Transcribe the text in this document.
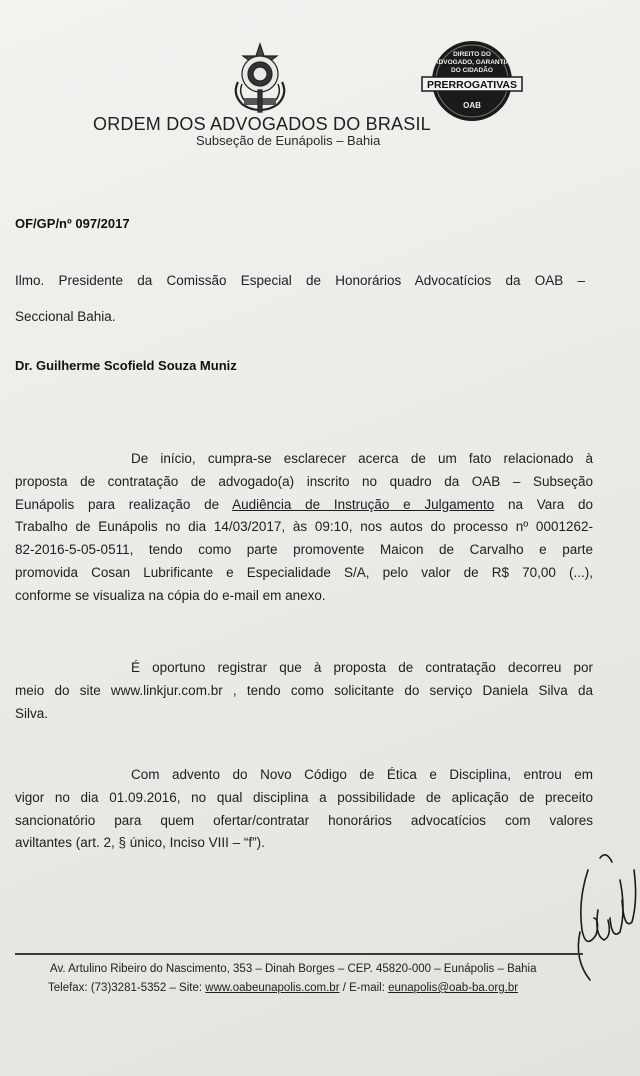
DIREITO DO
ADVOGADO, GARANTIA
DO CIDADÃO
PRERROGATIVAS
OAB
ORDEM DOS ADVOGADOS DO BRASIL
Subseção de Eunápolis – Bahia
OF/GP/nº 097/2017
Ilmo. Presidente da Comissão Especial de Honorários Advocatícios da OAB –
Seccional Bahia.
Dr. Guilherme Scofield Souza Muniz
De início, cumpra-se esclarecer acerca de um fato relacionado à
proposta de contratação de advogado(a) inscrito no quadro da OAB – Subseção
Eunápolis para realização de Audiência de Instrução e Julgamento na Vara do
Trabalho de Eunápolis no dia 14/03/2017, às 09:10, nos autos do processo nº 0001262-
82-2016-5-05-0511, tendo como parte promovente Maicon de Carvalho e parte
promovida Cosan Lubrificante e Especialidade S/A, pelo valor de R$ 70,00 (...),
conforme se visualiza na cópia do e-mail em anexo.
É oportuno registrar que à proposta de contratação decorreu por
meio do site www.linkjur.com.br , tendo como solicitante do serviço Daniela Silva da
Silva.
Com advento do Novo Código de Ética e Disciplina, entrou em
vigor no dia 01.09.2016, no qual disciplina a possibilidade de aplicação de preceito
sancionatório para quem ofertar/contratar honorários advocatícios com valores
aviltantes (art. 2, § único, Inciso VIII – “f”).
Av. Artulino Ribeiro do Nascimento, 353 – Dinah Borges – CEP. 45820-000 – Eunápolis – Bahia
Telefax: (73)3281-5352 – Site: www.oabeunapolis.com.br / E-mail: eunapolis@oab-ba.org.br
